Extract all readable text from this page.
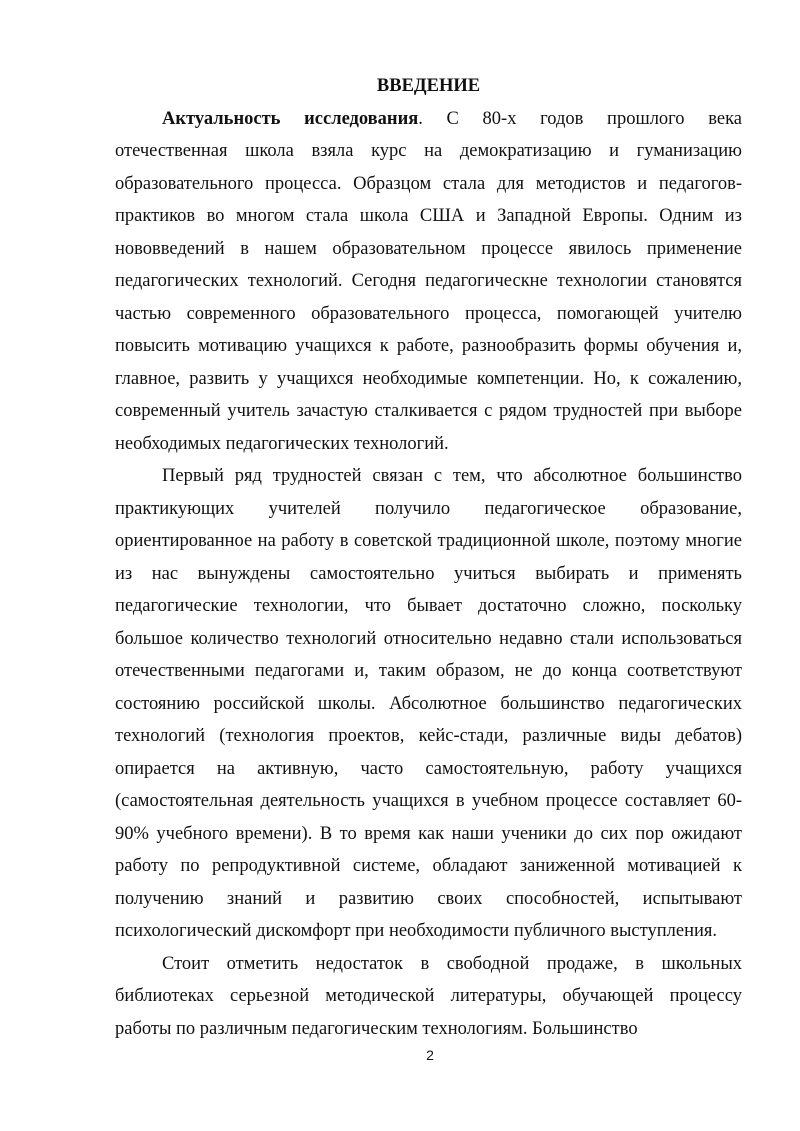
ВВЕДЕНИЕ

Актуальность исследования. С 80-х годов прошлого века отечественная школа взяла курс на демократизацию и гуманизацию образовательного процесса. Образцом стала для методистов и педагогов-практиков во многом стала школа США и Западной Европы. Одним из нововведений в нашем образовательном процессе явилось применение педагогических технологий. Сегодня педагогическне технологии становятся частью современного образовательного процесса, помогающей учителю повысить мотивацию учащихся к работе, разнообразить формы обучения и, главное, развить у учащихся необходимые компетенции. Но, к сожалению, современный учитель зачастую сталкивается с рядом трудностей при выборе необходимых педагогических технологий.

Первый ряд трудностей связан с тем, что абсолютное большинство практикующих учителей получило педагогическое образование, ориентированное на работу в советской традиционной школе, поэтому многие из нас вынуждены самостоятельно учиться выбирать и применять педагогические технологии, что бывает достаточно сложно, поскольку большое количество технологий относительно недавно стали использоваться отечественными педагогами и, таким образом, не до конца соответствуют состоянию российской школы. Абсолютное большинство педагогических технологий (технология проектов, кейс-стади, различные виды дебатов) опирается на активную, часто самостоятельную, работу учащихся (самостоятельная деятельность учащихся в учебном процессе составляет 60-90% учебного времени). В то время как наши ученики до сих пор ожидают работу по репродуктивной системе, обладают заниженной мотивацией к получению знаний и развитию своих способностей, испытывают психологический дискомфорт при необходимости публичного выступления.

Стоит отметить недостаток в свободной продаже, в школьных библиотеках серьезной методической литературы, обучающей процессу работы по различным педагогическим технологиям. Большинство

2
